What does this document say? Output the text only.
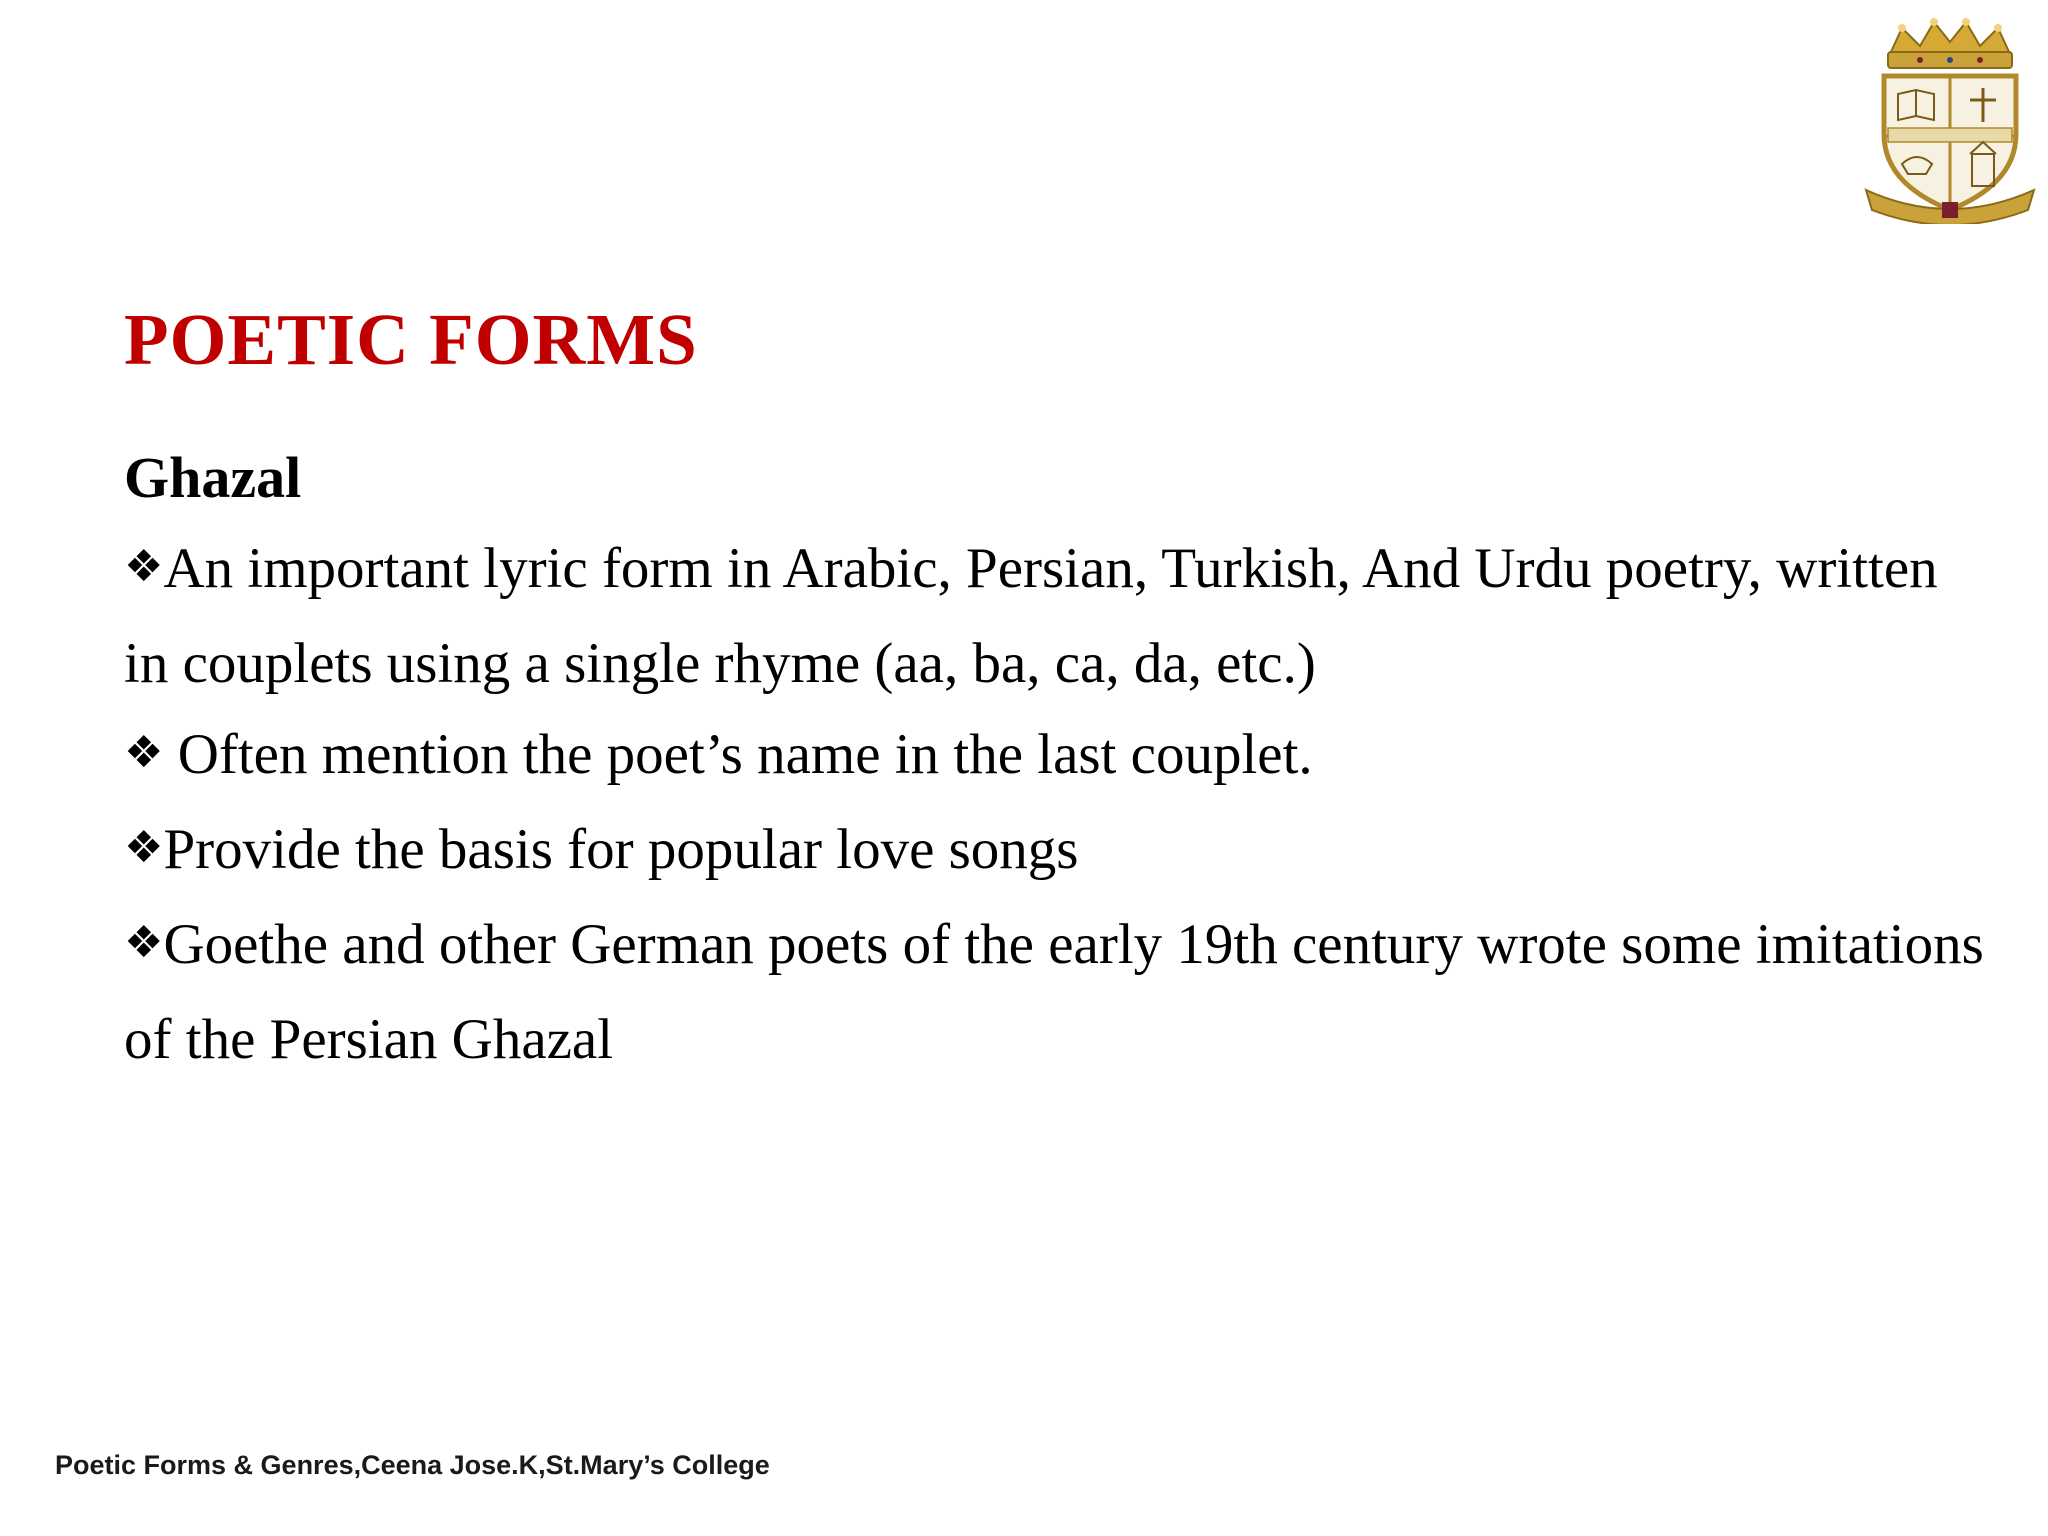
POETIC FORMS
Ghazal

❖An important lyric form in Arabic, Persian, Turkish, And Urdu poetry, written in couplets using a single rhyme (aa, ba, ca, da, etc.)

❖ Often mention the poet’s name in the last couplet.

❖Provide the basis for popular love songs

❖Goethe and other German poets of the early 19th century wrote some imitations of the Persian Ghazal

Poetic Forms & Genres,Ceena Jose.K,St.Mary’s College
